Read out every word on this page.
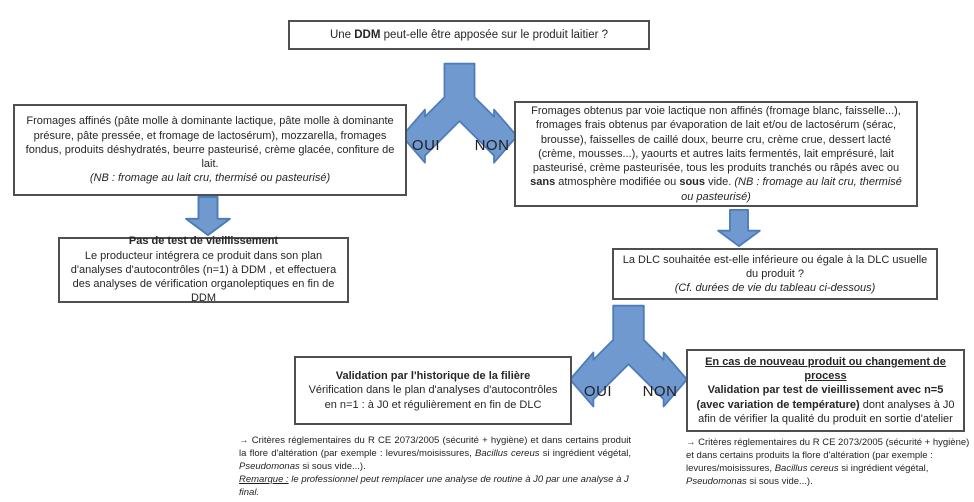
Une DDM peut-elle être apposée sur le produit laitier ?
OUI	NON
Fromages affinés (pâte molle à dominante lactique, pâte molle à dominante présure, pâte pressée, et fromage de lactosérum), mozzarella, fromages fondus, produits déshydratés, beurre pasteurisé, crème glacée, confiture de lait.
(NB : fromage au lait cru, thermisé ou pasteurisé)
Fromages obtenus par voie lactique non affinés (fromage blanc, faisselle...), fromages frais obtenus par évaporation de lait et/ou de lactosérum (sérac, brousse), faisselles de caillé doux, beurre cru, crème crue, dessert lacté (crème, mousses...), yaourts et autres laits fermentés, lait emprésuré, lait pasteurisé, crème pasteurisée, tous les produits tranchés ou râpés avec ou sans atmosphère modifiée ou sous vide. (NB : fromage au lait cru, thermisé ou pasteurisé)
Pas de test de vieillissement
Le producteur intégrera ce produit dans son plan d'analyses d'autocontrôles (n=1) à DDM , et effectuera des analyses de vérification organoleptiques en fin de DDM
La DLC souhaitée est-elle inférieure ou égale à la DLC usuelle du produit ?
(Cf. durées de vie du tableau ci-dessous)
OUI	NON
Validation par l'historique de la filière
Vérification dans le plan d'analyses d'autocontrôles en n=1 : à J0 et régulièrement en fin de DLC
En cas de nouveau produit ou changement de process
Validation par test de vieillissement avec n=5 (avec variation de température) dont analyses à J0 afin de vérifier la qualité du produit en sortie d'atelier

→ Critères réglementaires du R CE 2073/2005 (sécurité + hygiène) et dans certains produit la flore d'altération (par exemple : levures/moisissures, Bacillus cereus si ingrédient végétal, Pseudomonas si sous vide...).

Remarque : le professionnel peut remplacer une analyse de routine à J0 par une analyse à J final.

→ Critères réglementaires du R CE 2073/2005 (sécurité + hygiène) et dans certains produits la flore d'altération (par exemple : levures/moisissures, Bacillus cereus si ingrédient végétal, Pseudomonas si sous vide...).
